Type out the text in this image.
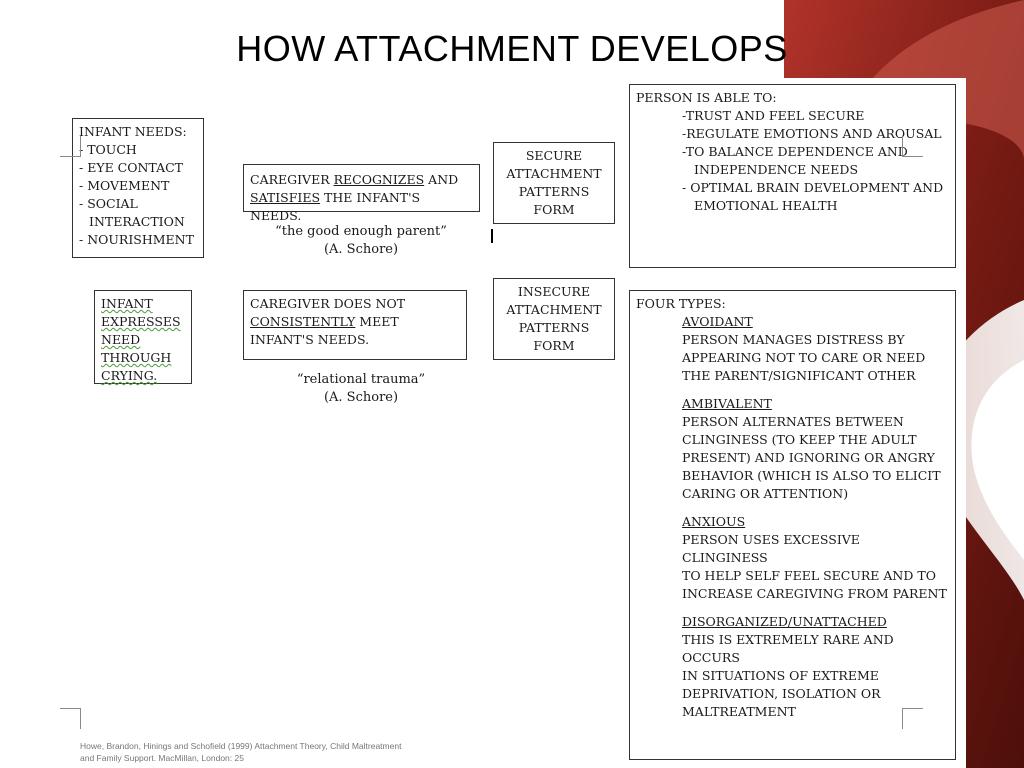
HOW ATTACHMENT DEVELOPS
INFANT NEEDS:
- TOUCH
- EYE CONTACT
- MOVEMENT
- SOCIAL
INTERACTION
- NOURISHMENT
INFANT
EXPRESSES
NEED
THROUGH
CRYING.
CAREGIVER RECOGNIZES AND
SATISFIES THE INFANT'S NEEDS.
“the good enough parent”
(A. Schore)
CAREGIVER DOES NOT
CONSISTENTLY MEET
INFANT'S NEEDS.
“relational trauma”
(A. Schore)
SECURE
ATTACHMENT
PATTERNS
FORM
INSECURE
ATTACHMENT
PATTERNS
FORM
PERSON IS ABLE TO:
-TRUST AND FEEL SECURE
-REGULATE EMOTIONS AND AROUSAL
-TO BALANCE DEPENDENCE AND
INDEPENDENCE NEEDS
- OPTIMAL BRAIN DEVELOPMENT AND
EMOTIONAL HEALTH
FOUR TYPES:
AVOIDANT
PERSON MANAGES DISTRESS BY
APPEARING NOT TO CARE OR NEED
THE PARENT/SIGNIFICANT OTHER
AMBIVALENT
PERSON ALTERNATES BETWEEN
CLINGINESS (TO KEEP THE ADULT
PRESENT) AND IGNORING OR ANGRY
BEHAVIOR (WHICH IS ALSO TO ELICIT
CARING OR ATTENTION)
ANXIOUS
PERSON USES EXCESSIVE CLINGINESS
TO HELP SELF FEEL SECURE AND TO
INCREASE CAREGIVING FROM PARENT
DISORGANIZED/UNATTACHED
THIS IS EXTREMELY RARE AND OCCURS
IN SITUATIONS OF EXTREME
DEPRIVATION, ISOLATION OR
MALTREATMENT
Howe, Brandon, Hinings and Schofield (1999) Attachment Theory, Child Maltreatment
and Family Support. MacMillan, London: 25
